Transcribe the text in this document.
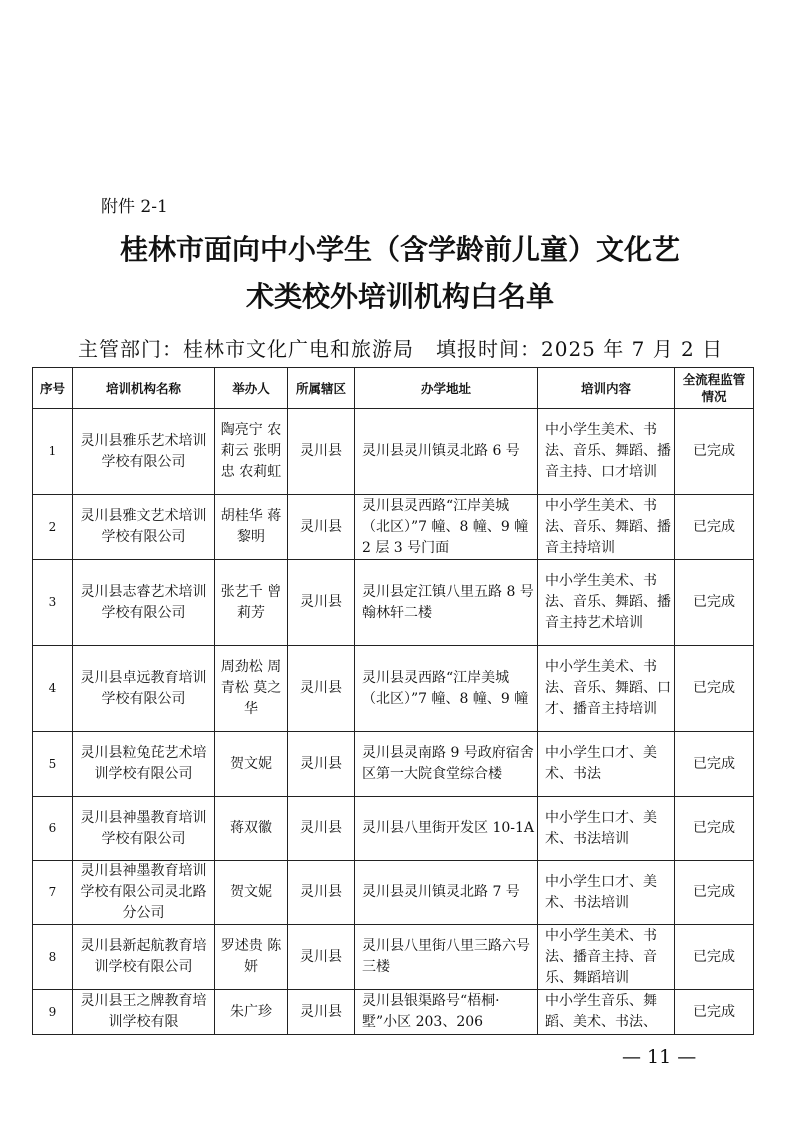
附件 2-1
桂林市面向中小学生（含学龄前儿童）文化艺
术类校外培训机构白名单
主管部门：桂林市文化广电和旅游局 填报时间：2025 年 7 月 2 日
序号	培训机构名称	举办人	所属辖区	办学地址	培训内容	全流程监管情况
1	灵川县雅乐艺术培训学校有限公司	陶亮宁 农莉云 张明忠 农莉虹	灵川县	灵川县灵川镇灵北路 6 号	中小学生美术、书法、音乐、舞蹈、播音主持、口才培训	已完成
2	灵川县雅文艺术培训学校有限公司	胡桂华 蒋黎明	灵川县	灵川县灵西路“江岸美城（北区）”7 幢、8 幢、9 幢 2 层 3 号门面	中小学生美术、书法、音乐、舞蹈、播音主持培训	已完成
3	灵川县志睿艺术培训学校有限公司	张艺千 曾莉芳	灵川县	灵川县定江镇八里五路 8 号翰林轩二楼	中小学生美术、书法、音乐、舞蹈、播音主持艺术培训	已完成
4	灵川县卓远教育培训学校有限公司	周劲松 周青松 莫之华	灵川县	灵川县灵西路“江岸美城（北区）”7 幢、8 幢、9 幢	中小学生美术、书法、音乐、舞蹈、口才、播音主持培训	已完成
5	灵川县粒兔芘艺术培训学校有限公司	贺文妮	灵川县	灵川县灵南路 9 号政府宿舍区第一大院食堂综合楼	中小学生口才、美术、书法	已完成
6	灵川县神墨教育培训学校有限公司	蒋双徽	灵川县	灵川县八里街开发区 10-1A	中小学生口才、美术、书法培训	已完成
7	灵川县神墨教育培训学校有限公司灵北路分公司	贺文妮	灵川县	灵川县灵川镇灵北路 7 号	中小学生口才、美术、书法培训	已完成
8	灵川县新起航教育培训学校有限公司	罗述贵 陈妍	灵川县	灵川县八里街八里三路六号三楼	中小学生美术、书法、播音主持、音乐、舞蹈培训	已完成
9	灵川县王之牌教育培训学校有限	朱广珍	灵川县	灵川县银渠路号“梧桐·墅”小区 203、206	中小学生音乐、舞蹈、美术、书法、	已完成
— 11 —
